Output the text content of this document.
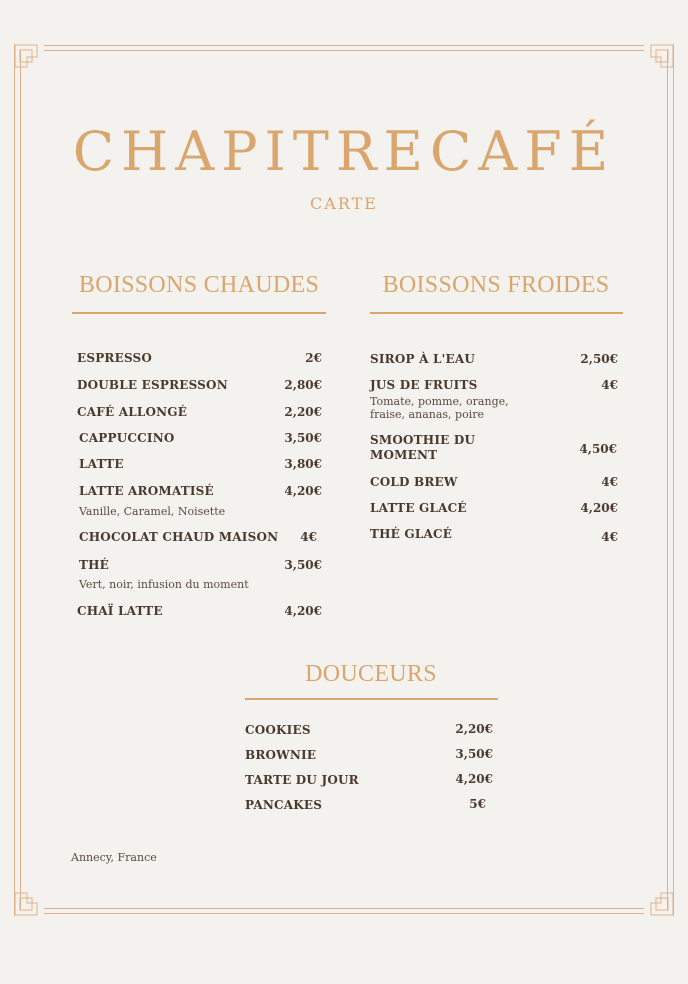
CHAPITRECAFÉ
CARTE
BOISSONS CHAUDES
ESPRESSO	2€
DOUBLE ESPRESSON	2,80€
CAFÉ ALLONGÉ	2,20€
CAPPUCCINO	3,50€
LATTE	3,80€
LATTE AROMATISÉ	4,20€
Vanille, Caramel, Noisette
CHOCOLAT CHAUD MAISON	4€
THÉ	3,50€
Vert, noir, infusion du moment
CHAÏ LATTE	4,20€
BOISSONS FROIDES
SIROP À L'EAU	2,50€
JUS DE FRUITS	4€
Tomate, pomme, orange,
fraise, ananas, poire
SMOOTHIE DU
MOMENT	4,50€
COLD BREW	4€
LATTE GLACÉ	4,20€
THÉ GLACÉ	4€
DOUCEURS
COOKIES	2,20€
BROWNIE	3,50€
TARTE DU JOUR	4,20€
PANCAKES	5€
Annecy, France
